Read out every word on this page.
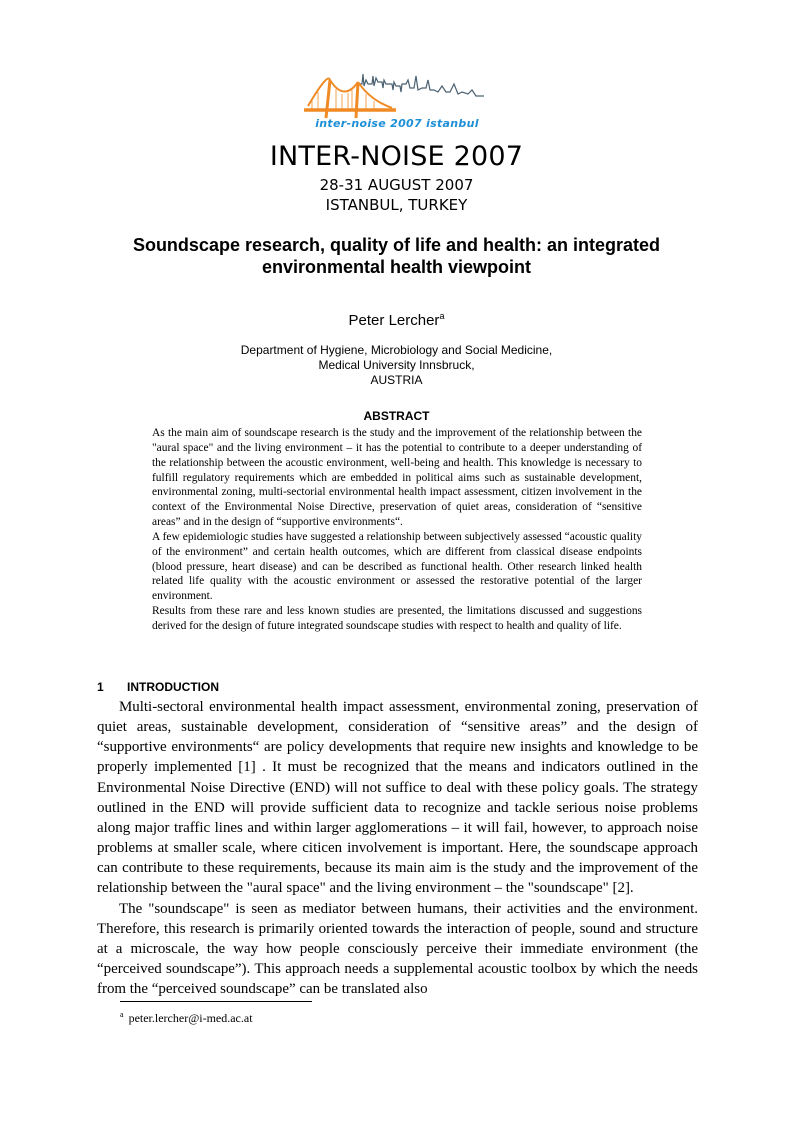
inter-noise 2007 istanbul
INTER-NOISE 2007
28-31 AUGUST 2007
ISTANBUL, TURKEY
Soundscape research, quality of life and health: an integrated environmental health viewpoint
Peter Lercher$^a$
Department of Hygiene, Microbiology and Social Medicine,
Medical University Innsbruck,
AUSTRIA
ABSTRACT

As the main aim of soundscape research is the study and the improvement of the relationship between the "aural space" and the living environment – it has the potential to contribute to a deeper understanding of the relationship between the acoustic environment, well-being and health. This knowledge is necessary to fulfill regulatory requirements which are embedded in political aims such as sustainable development, environmental zoning, multi-sectorial environmental health impact assessment, citizen involvement in the context of the Environmental Noise Directive, preservation of quiet areas, consideration of “sensitive areas” and in the design of “supportive environments“.

A few epidemiologic studies have suggested a relationship between subjectively assessed “acoustic quality of the environment” and certain health outcomes, which are different from classical disease endpoints (blood pressure, heart disease) and can be described as functional health. Other research linked health related life quality with the acoustic environment or assessed the restorative potential of the larger environment.

Results from these rare and less known studies are presented, the limitations discussed and suggestions derived for the design of future integrated soundscape studies with respect to health and quality of life.

1 INTRODUCTION

Multi-sectoral environmental health impact assessment, environmental zoning, preservation of quiet areas, sustainable development, consideration of “sensitive areas” and the design of “supportive environments“ are policy developments that require new insights and knowledge to be properly implemented [1] . It must be recognized that the means and indicators outlined in the Environmental Noise Directive (END) will not suffice to deal with these policy goals. The strategy outlined in the END will provide sufficient data to recognize and tackle serious noise problems along major traffic lines and within larger agglomerations – it will fail, however, to approach noise problems at smaller scale, where citicen involvement is important. Here, the soundscape approach can contribute to these requirements, because its main aim is the study and the improvement of the relationship between the "aural space" and the living environment – the "soundscape" [2].

The "soundscape" is seen as mediator between humans, their activities and the environment. Therefore, this research is primarily oriented towards the interaction of people, sound and structure at a microscale, the way how people consciously perceive their immediate environment (the “perceived soundscape”). This approach needs a supplemental acoustic toolbox by which the needs from the “perceived soundscape” can be translated also

$^a$ peter.lercher@i-med.ac.at
